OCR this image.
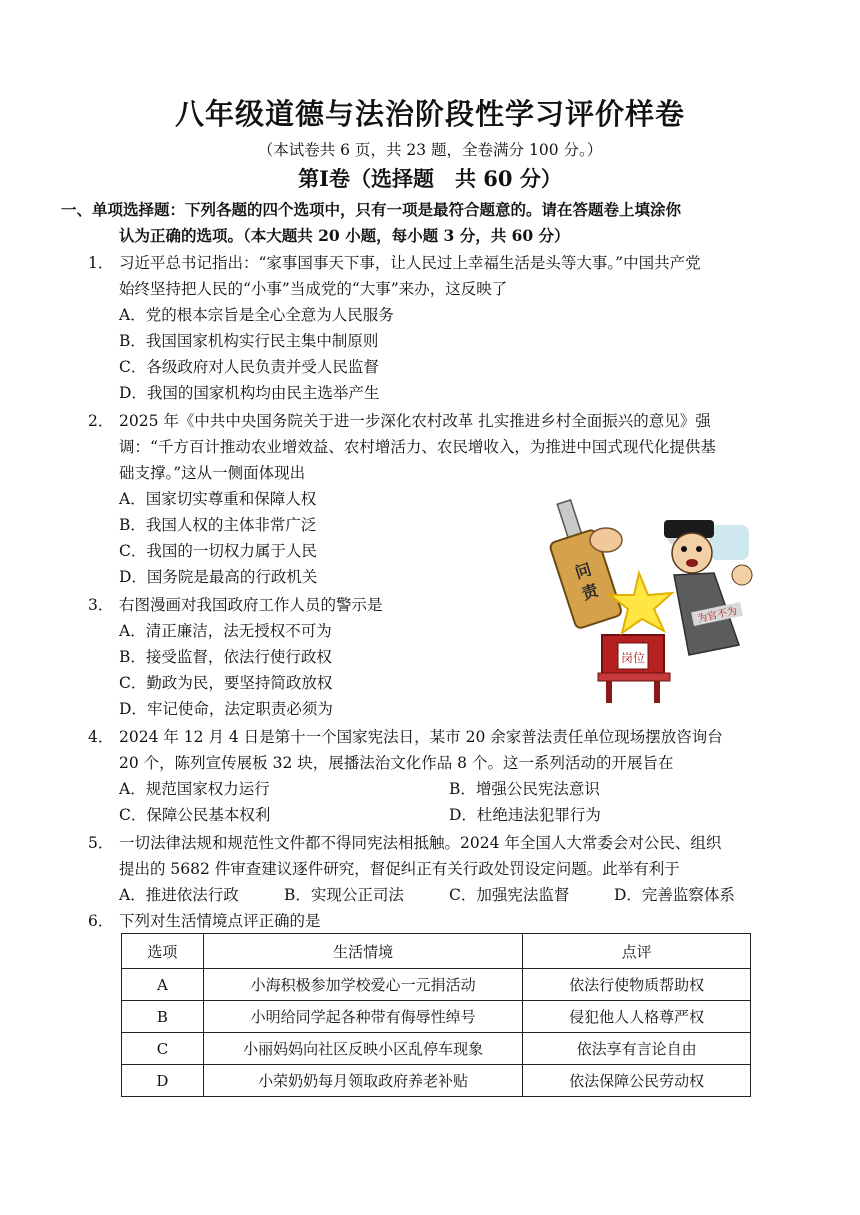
八年级道德与法治阶段性学习评价样卷
（本试卷共 6 页，共 23 题，全卷满分 100 分。）
第Ⅰ卷（选择题　共 60 分）
一、单项选择题：下列各题的四个选项中，只有一项是最符合题意的。请在答题卷上填涂你
认为正确的选项。（本大题共 20 小题，每小题 3 分，共 60 分）
1． 习近平总书记指出：“家事国事天下事，让人民过上幸福生活是头等大事。”中国共产党
始终坚持把人民的“小事”当成党的“大事”来办，这反映了
A．党的根本宗旨是全心全意为人民服务
B．我国国家机构实行民主集中制原则
C．各级政府对人民负责并受人民监督
D．我国的国家机构均由民主选举产生
2． 2025 年《中共中央国务院关于进一步深化农村改革 扎实推进乡村全面振兴的意见》强
调：“千方百计推动农业增效益、农村增活力、农民增收入，为推进中国式现代化提供基
础支撑。”这从一侧面体现出
A．国家切实尊重和保障人权
B．我国人权的主体非常广泛
C．我国的一切权力属于人民
D．国务院是最高的行政机关
3． 右图漫画对我国政府工作人员的警示是
A．清正廉洁，法无授权不可为
B．接受监督，依法行使行政权
C．勤政为民，要坚持简政放权
D．牢记使命，法定职责必须为
岗位
问
责
为官不为
4． 2024 年 12 月 4 日是第十一个国家宪法日，某市 20 余家普法责任单位现场摆放咨询台
20 个，陈列宣传展板 32 块，展播法治文化作品 8 个。这一系列活动的开展旨在
A．规范国家权力运行	B．增强公民宪法意识
C．保障公民基本权利	D．杜绝违法犯罪行为
5． 一切法律法规和规范性文件都不得同宪法相抵触。2024 年全国人大常委会对公民、组织
提出的 5682 件审查建议逐件研究，督促纠正有关行政处罚设定问题。此举有利于
A．推进依法行政	B．实现公正司法	C．加强宪法监督	D．完善监察体系
6． 下列对生活情境点评正确的是
选项	生活情境	点评
A	小海积极参加学校爱心一元捐活动	依法行使物质帮助权
B	小明给同学起各种带有侮辱性绰号	侵犯他人人格尊严权
C	小丽妈妈向社区反映小区乱停车现象	依法享有言论自由
D	小荣奶奶每月领取政府养老补贴	依法保障公民劳动权
